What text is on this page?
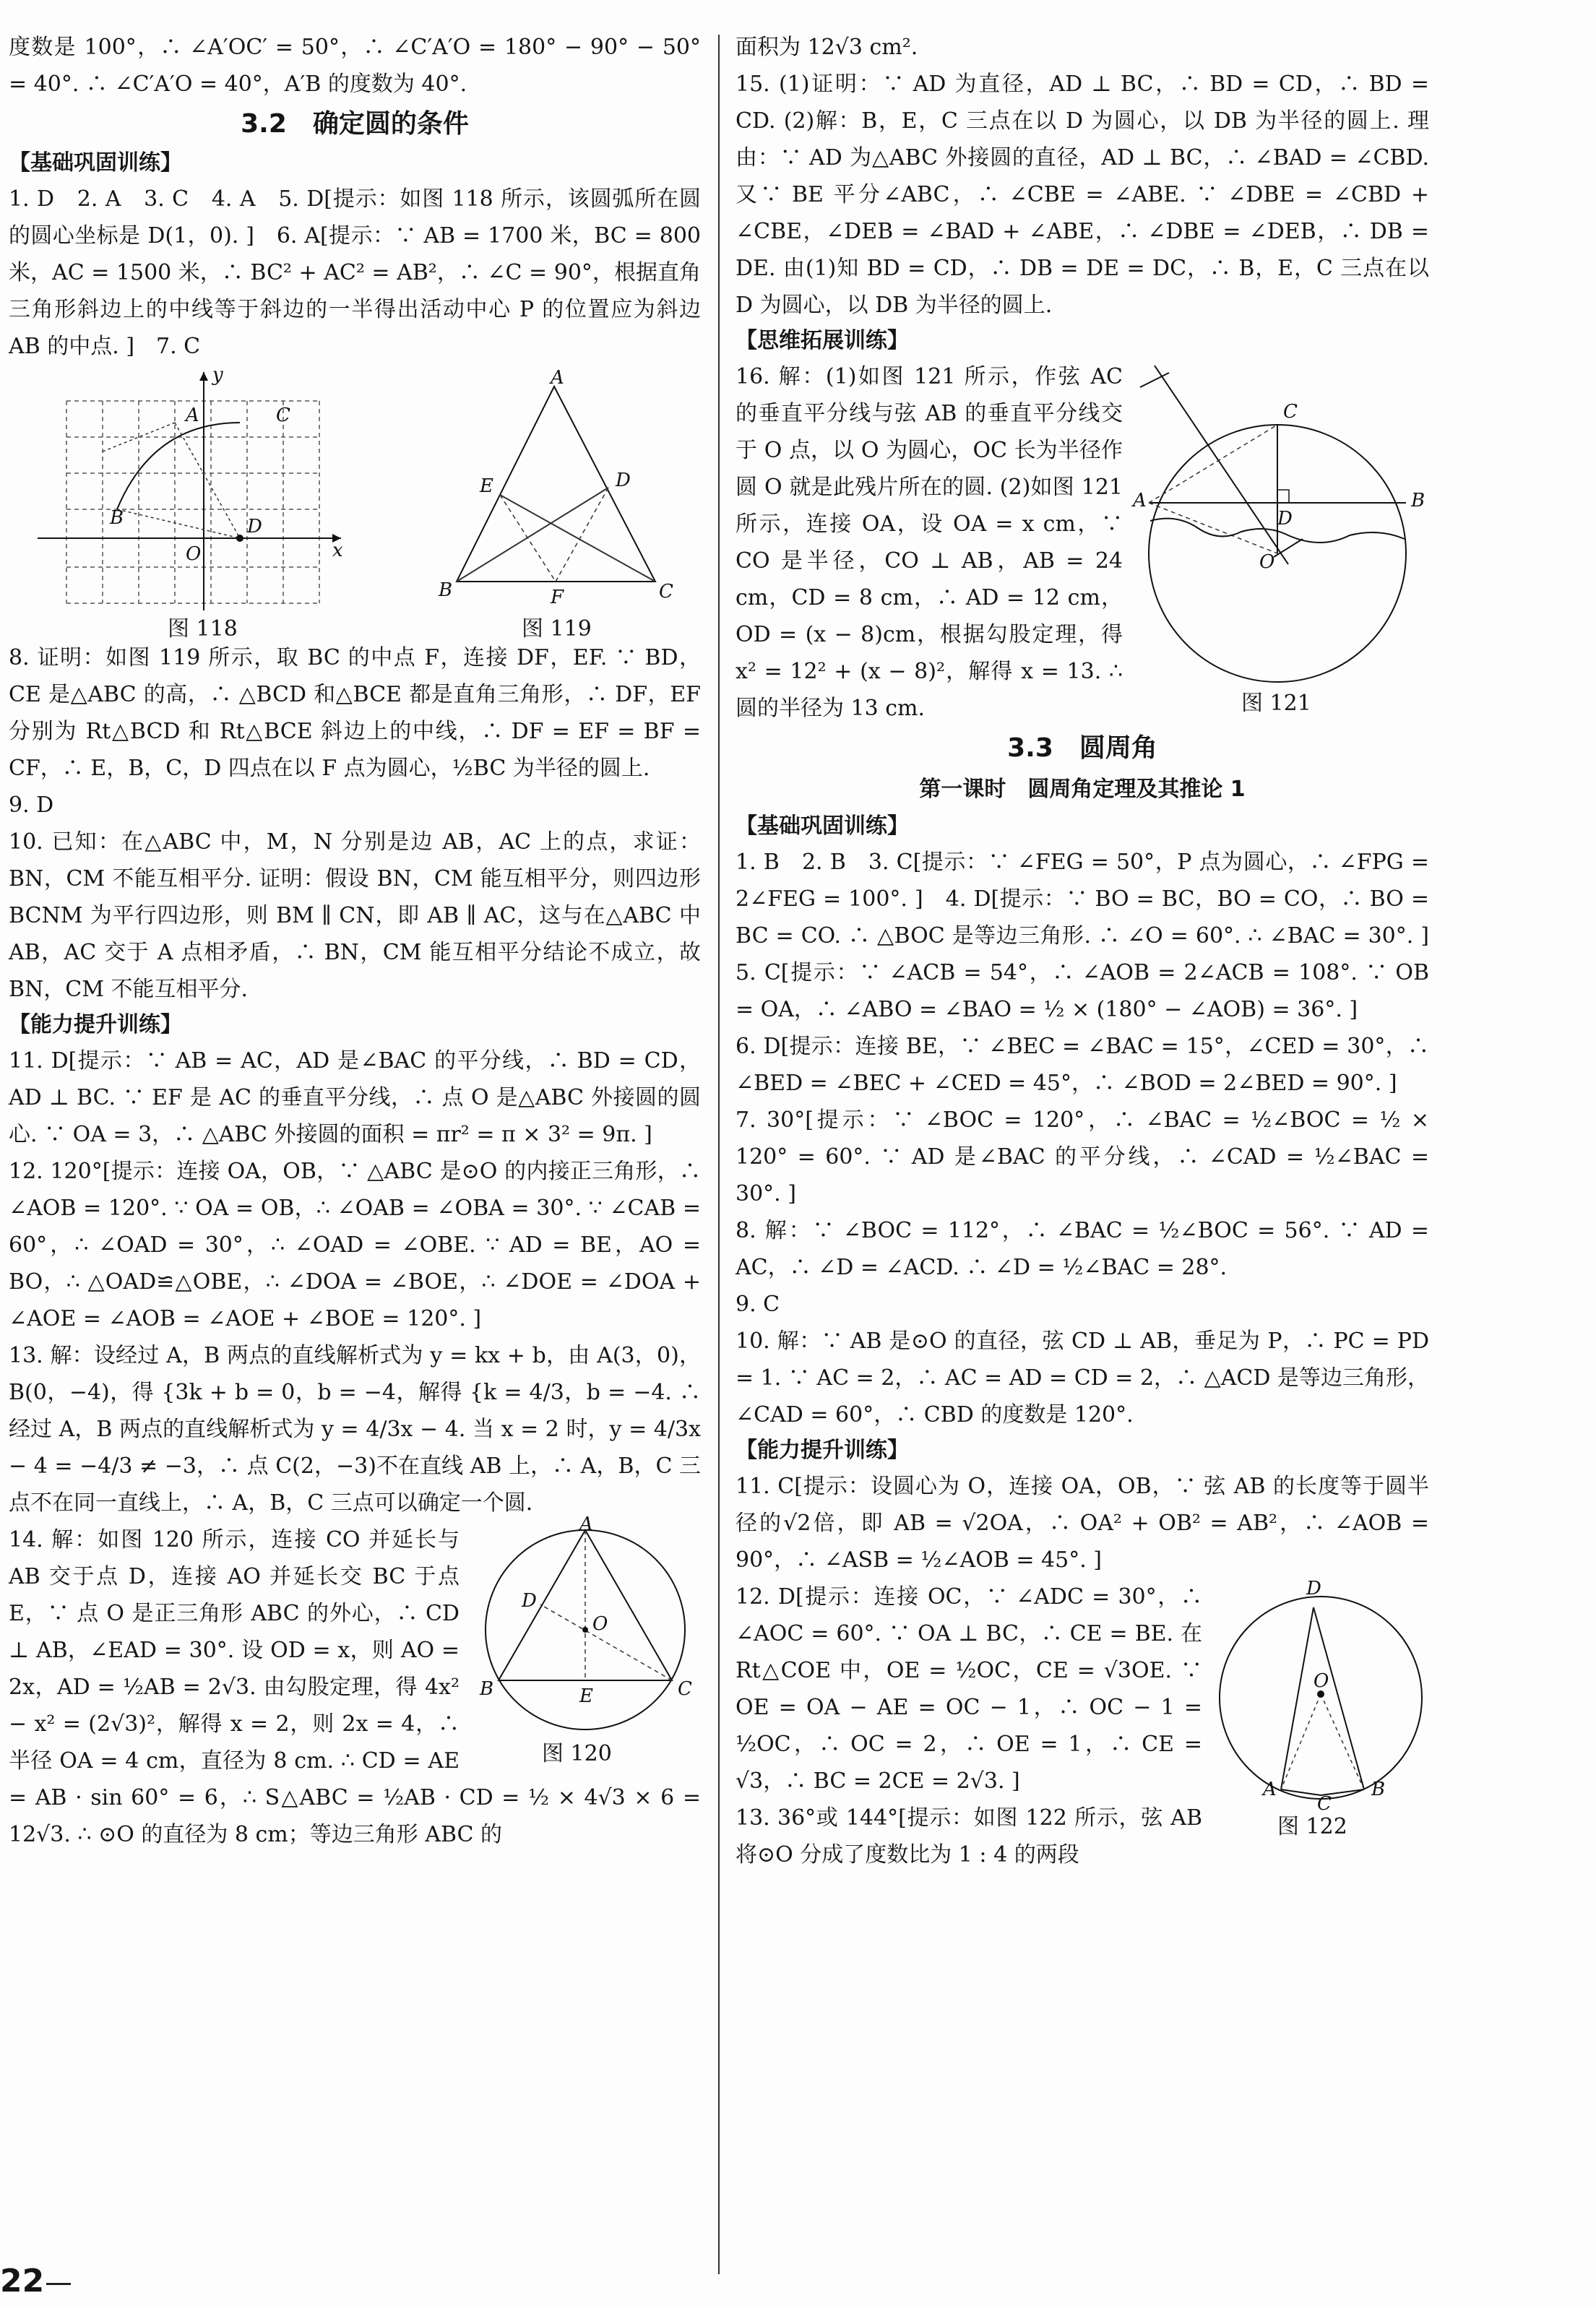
度数是 100°，∴ ∠A′OC′ = 50°，∴ ∠C′A′O = 180° − 90° − 50° = 40°. ∴ ∠C′A′O = 40°，A′B 的度数为 40°.

3.2　确定圆的条件
【基础巩固训练】

1. D　2. A　3. C　4. A　5. D[提示：如图 118 所示，该圆弧所在圆的圆心坐标是 D(1，0). ]　6. A[提示：∵ AB = 1700 米，BC = 800 米，AC = 1500 米，∴ BC² + AC² = AB²，∴ ∠C = 90°，根据直角三角形斜边上的中线等于斜边的一半得出活动中心 P 的位置应为斜边 AB 的中点. ]　7. C

A	C
B	D
O	x
y
图 118
A
B	C
D
E
F
图 119

8. 证明：如图 119 所示，取 BC 的中点 F，连接 DF，EF. ∵ BD，CE 是△ABC 的高，∴ △BCD 和△BCE 都是直角三角形，∴ DF，EF 分别为 Rt△BCD 和 Rt△BCE 斜边上的中线，∴ DF = EF = BF = CF，∴ E，B，C，D 四点在以 F 点为圆心，½BC 为半径的圆上.

9. D

10. 已知：在△ABC 中，M，N 分别是边 AB，AC 上的点，求证：BN，CM 不能互相平分. 证明：假设 BN，CM 能互相平分，则四边形 BCNM 为平行四边形，则 BM ∥ CN，即 AB ∥ AC，这与在△ABC 中 AB，AC 交于 A 点相矛盾，∴ BN，CM 能互相平分结论不成立，故 BN，CM 不能互相平分.

【能力提升训练】

11. D[提示：∵ AB = AC，AD 是∠BAC 的平分线，∴ BD = CD，AD ⊥ BC. ∵ EF 是 AC 的垂直平分线，∴ 点 O 是△ABC 外接圆的圆心. ∵ OA = 3，∴ △ABC 外接圆的面积 = πr² = π × 3² = 9π. ]

12. 120°[提示：连接 OA，OB，∵ △ABC 是⊙O 的内接正三角形，∴ ∠AOB = 120°. ∵ OA = OB，∴ ∠OAB = ∠OBA = 30°. ∵ ∠CAB = 60°，∴ ∠OAD = 30°，∴ ∠OAD = ∠OBE. ∵ AD = BE，AO = BO，∴ △OAD≌△OBE，∴ ∠DOA = ∠BOE，∴ ∠DOE = ∠DOA + ∠AOE = ∠AOB = ∠AOE + ∠BOE = 120°. ]

13. 解：设经过 A，B 两点的直线解析式为 y = kx + b，由 A(3，0)，B(0，−4)，得 {3k + b = 0，b = −4，解得 {k = 4/3，b = −4. ∴ 经过 A，B 两点的直线解析式为 y = 4/3x − 4. 当 x = 2 时，y = 4/3x − 4 = −4/3 ≠ −3，∴ 点 C(2，−3)不在直线 AB 上，∴ A，B，C 三点不在同一直线上，∴ A，B，C 三点可以确定一个圆.

A
B	C
D
O
E
图 120

14. 解：如图 120 所示，连接 CO 并延长与 AB 交于点 D，连接 AO 并延长交 BC 于点 E，∵ 点 O 是正三角形 ABC 的外心，∴ CD ⊥ AB，∠EAD = 30°. 设 OD = x，则 AO = 2x，AD = ½AB = 2√3. 由勾股定理，得 4x² − x² = (2√3)²，解得 x = 2，则 2x = 4，∴ 半径 OA = 4 cm，直径为 8 cm. ∴ CD = AE = AB · sin 60° = 6，∴ S△ABC = ½AB · CD = ½ × 4√3 × 6 = 12√3. ∴ ⊙O 的直径为 8 cm；等边三角形 ABC 的

面积为 12√3 cm².

15. (1)证明：∵ AD 为直径，AD ⊥ BC，∴ BD = CD，∴ BD = CD. (2)解：B，E，C 三点在以 D 为圆心，以 DB 为半径的圆上. 理由：∵ AD 为△ABC 外接圆的直径，AD ⊥ BC，∴ ∠BAD = ∠CBD. 又∵ BE 平分∠ABC，∴ ∠CBE = ∠ABE. ∵ ∠DBE = ∠CBD + ∠CBE，∠DEB = ∠BAD + ∠ABE，∴ ∠DBE = ∠DEB，∴ DB = DE. 由(1)知 BD = CD，∴ DB = DE = DC，∴ B，E，C 三点在以 D 为圆心，以 DB 为半径的圆上.

【思维拓展训练】
C
A	B
D
O
图 121

16. 解：(1)如图 121 所示，作弦 AC 的垂直平分线与弦 AB 的垂直平分线交于 O 点，以 O 为圆心，OC 长为半径作圆 O 就是此残片所在的圆. (2)如图 121 所示，连接 OA，设 OA = x cm，∵ CO 是半径，CO ⊥ AB，AB = 24 cm，CD = 8 cm，∴ AD = 12 cm，OD = (x − 8)cm，根据勾股定理，得 x² = 12² + (x − 8)²，解得 x = 13. ∴ 圆的半径为 13 cm.

3.3　圆周角
第一课时　圆周角定理及其推论 1
【基础巩固训练】

1. B　2. B　3. C[提示：∵ ∠FEG = 50°，P 点为圆心，∴ ∠FPG = 2∠FEG = 100°. ]　4. D[提示：∵ BO = BC，BO = CO，∴ BO = BC = CO. ∴ △BOC 是等边三角形. ∴ ∠O = 60°. ∴ ∠BAC = 30°. ]　5. C[提示：∵ ∠ACB = 54°，∴ ∠AOB = 2∠ACB = 108°. ∵ OB = OA，∴ ∠ABO = ∠BAO = ½ × (180° − ∠AOB) = 36°. ]

6. D[提示：连接 BE，∵ ∠BEC = ∠BAC = 15°，∠CED = 30°，∴ ∠BED = ∠BEC + ∠CED = 45°，∴ ∠BOD = 2∠BED = 90°. ]

7. 30°[提示：∵ ∠BOC = 120°，∴ ∠BAC = ½∠BOC = ½ × 120° = 60°. ∵ AD 是∠BAC 的平分线，∴ ∠CAD = ½∠BAC = 30°. ]

8. 解：∵ ∠BOC = 112°，∴ ∠BAC = ½∠BOC = 56°. ∵ AD = AC，∴ ∠D = ∠ACD. ∴ ∠D = ½∠BAC = 28°.

9. C

10. 解：∵ AB 是⊙O 的直径，弦 CD ⊥ AB，垂足为 P，∴ PC = PD = 1. ∵ AC = 2，∴ AC = AD = CD = 2，∴ △ACD 是等边三角形，∠CAD = 60°，∴ CBD 的度数是 120°.

【能力提升训练】

11. C[提示：设圆心为 O，连接 OA，OB，∵ 弦 AB 的长度等于圆半径的√2倍，即 AB = √2OA，∴ OA² + OB² = AB²，∴ ∠AOB = 90°，∴ ∠ASB = ½∠AOB = 45°. ]

D
O
A	B
C
图 122

12. D[提示：连接 OC，∵ ∠ADC = 30°，∴ ∠AOC = 60°. ∵ OA ⊥ BC，∴ CE = BE. 在 Rt△COE 中，OE = ½OC，CE = √3OE. ∵ OE = OA − AE = OC − 1，∴ OC − 1 = ½OC，∴ OC = 2，∴ OE = 1，∴ CE = √3，∴ BC = 2CE = 2√3. ]

13. 36°或 144°[提示：如图 122 所示，弦 AB 将⊙O 分成了度数比为 1 : 4 的两段

22
